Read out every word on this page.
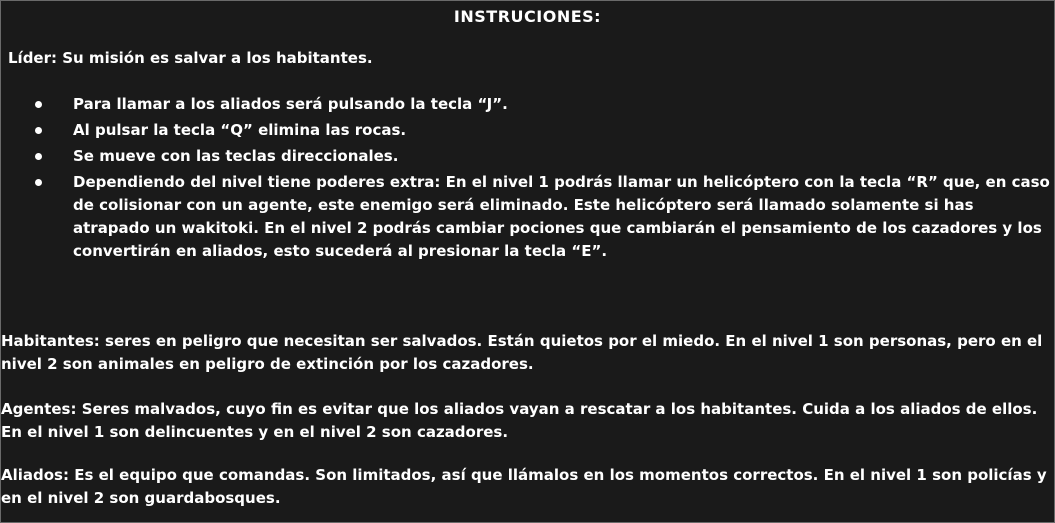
INSTRUCIONES:
Líder: Su misión es salvar a los habitantes.
Para llamar a los aliados será pulsando la tecla “J”.
Al pulsar la tecla “Q” elimina las rocas.
Se mueve con las teclas direccionales.
Dependiendo del nivel tiene poderes extra: En el nivel 1 podrás llamar un helicóptero con la tecla “R” que, en caso de colisionar con un agente, este enemigo será eliminado. Este helicóptero será llamado solamente si has atrapado un wakitoki. En el nivel 2 podrás cambiar pociones que cambiarán el pensamiento de los cazadores y los convertirán en aliados, esto sucederá al presionar la tecla “E”.
Habitantes: seres en peligro que necesitan ser salvados. Están quietos por el miedo. En el nivel 1 son personas, pero en el nivel 2 son animales en peligro de extinción por los cazadores.
Agentes: Seres malvados, cuyo fin es evitar que los aliados vayan a rescatar a los habitantes. Cuida a los aliados de ellos. En el nivel 1 son delincuentes y en el nivel 2 son cazadores.
Aliados: Es el equipo que comandas. Son limitados, así que llámalos en los momentos correctos. En el nivel 1 son policías y en el nivel 2 son guardabosques.
